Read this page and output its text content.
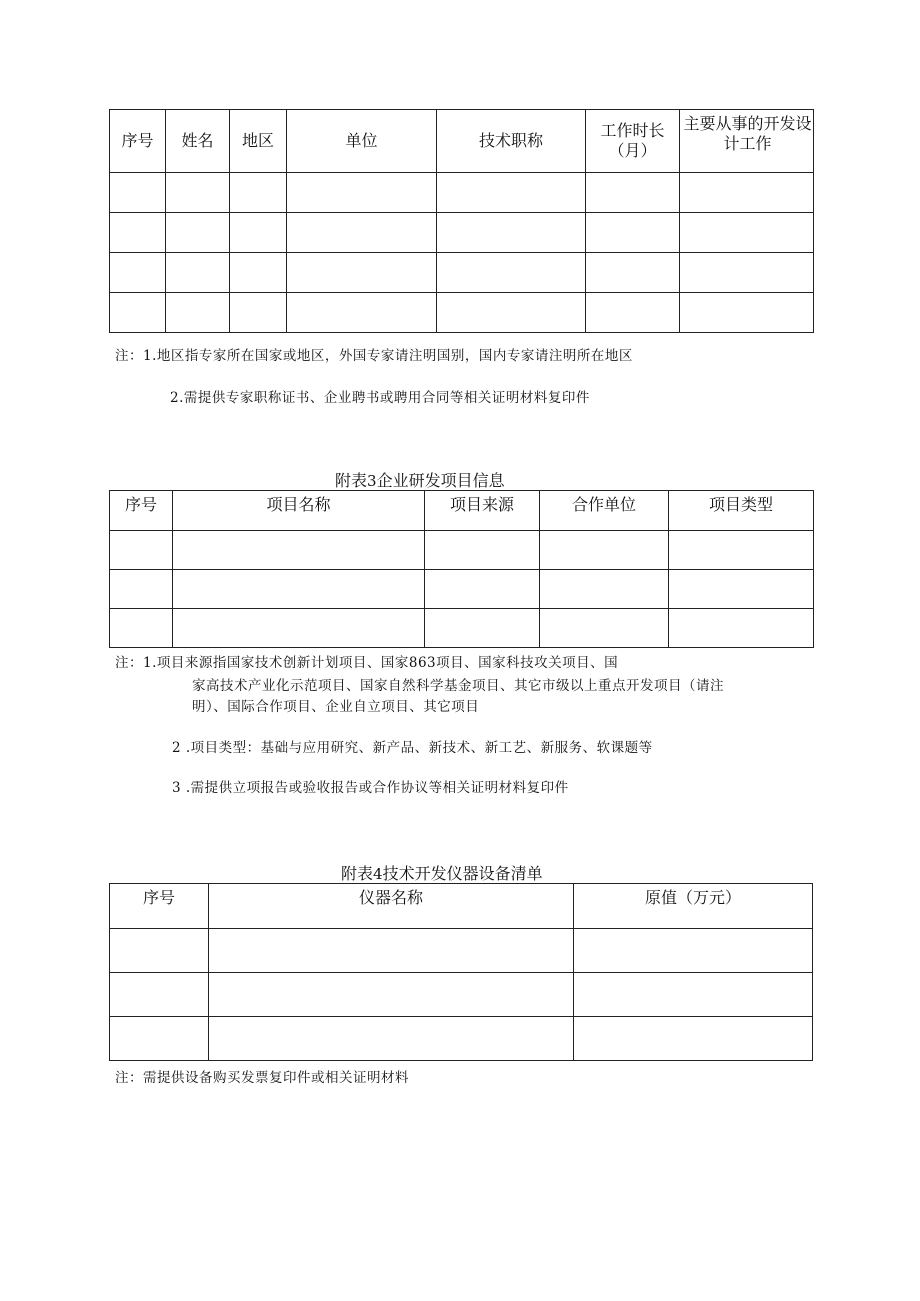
序号	姓名	地区	单位	技术职称	工作时长（月）	主要从事的开发设计工作

注：1.地区指专家所在国家或地区，外国专家请注明国别，国内专家请注明所在地区
2.需提供专家职称证书、企业聘书或聘用合同等相关证明材料复印件
附表3企业研发项目信息
序号	项目名称	项目来源	合作单位	项目类型

注：1.项目来源指国家技术创新计划项目、国家863项目、国家科技攻关项目、国
家高技术产业化示范项目、国家自然科学基金项目、其它市级以上重点开发项目（请注
明）、国际合作项目、企业自立项目、其它项目
2 .项目类型：基础与应用研究、新产品、新技术、新工艺、新服务、软课题等
3 .需提供立项报告或验收报告或合作协议等相关证明材料复印件
附表4技术开发仪器设备清单
序号	仪器名称	原值（万元）

注：需提供设备购买发票复印件或相关证明材料
